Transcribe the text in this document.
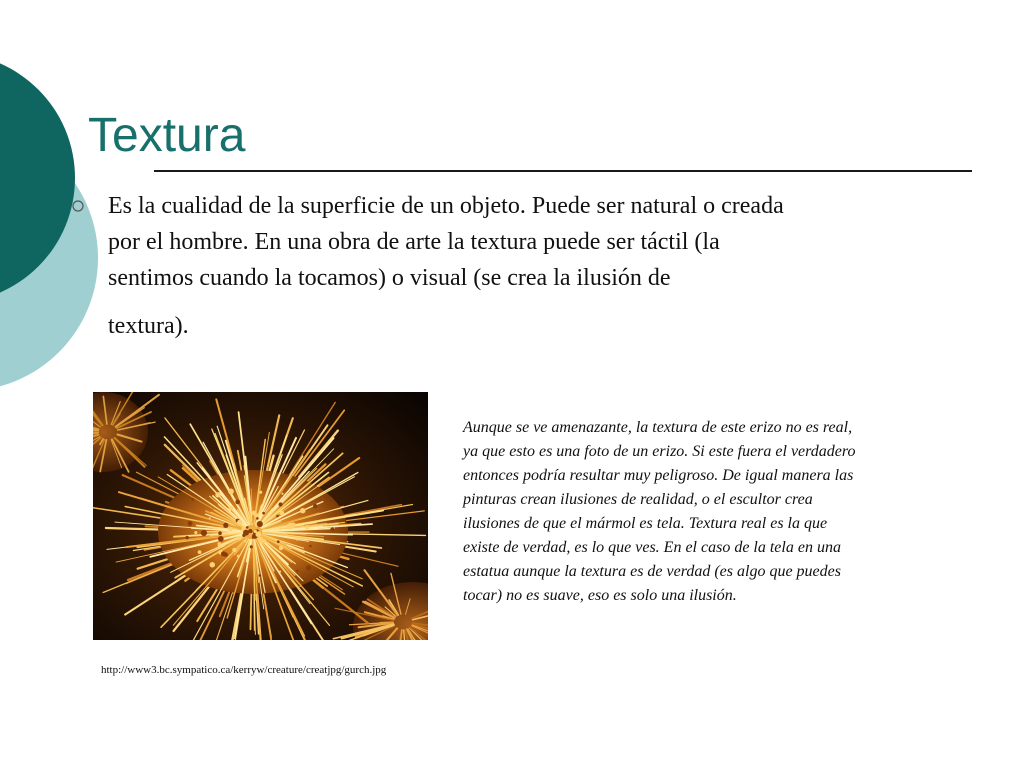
Textura

Es la cualidad de la superficie de un objeto. Puede ser natural o creada
por el hombre. En una obra de arte la textura puede ser táctil (la
sentimos cuando la tocamos) o visual (se crea la ilusión de
textura).

Aunque se ve amenazante, la textura de este erizo no es real,
ya que esto es una foto de un erizo. Si este fuera el verdadero
entonces podría resultar muy peligroso. De igual manera las
pinturas crean ilusiones de realidad, o el escultor crea
ilusiones de que el mármol es tela. Textura real es la que
existe de verdad, es lo que ves. En el caso de la tela en una
estatua aunque la textura es de verdad (es algo que puedes
tocar) no es suave, eso es solo una ilusión.

http://www3.bc.sympatico.ca/kerryw/creature/creatjpg/gurch.jpg
